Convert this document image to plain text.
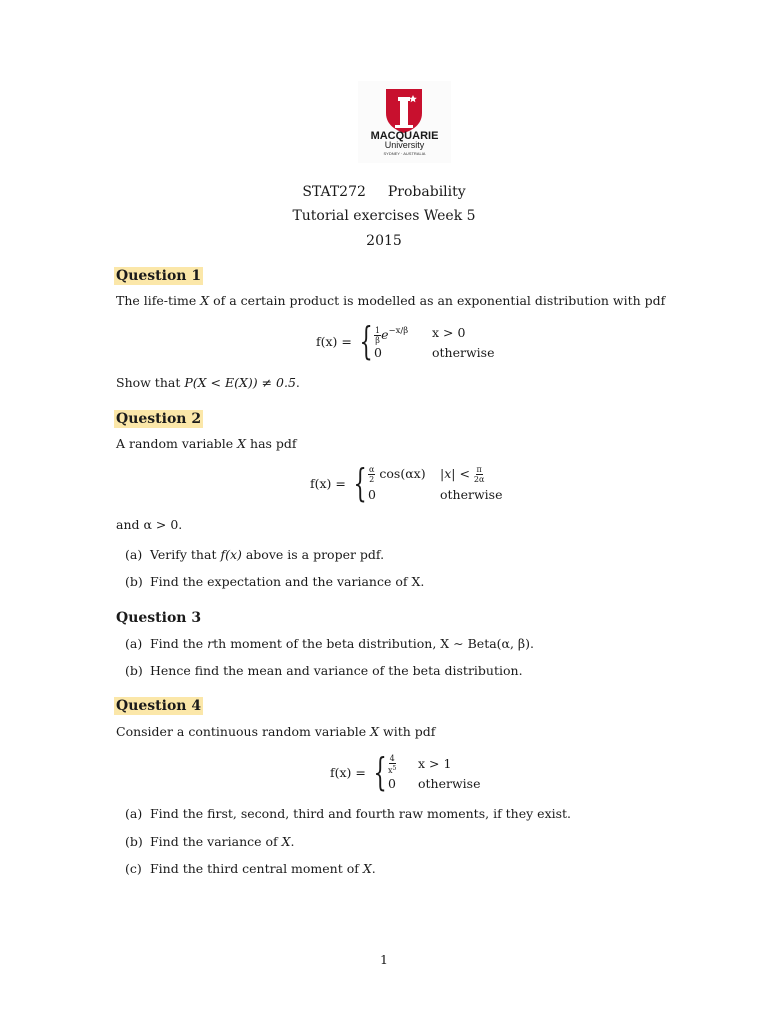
MACQUARIE
University
SYDNEY · AUSTRALIA
STAT272 Probability
Tutorial exercises Week 5
2015
Question 1
The life-time X of a certain product is modelled as an exponential distribution with pdf
f(x) = { $\frac{1}{\beta} e^{-x/\beta}$ x > 0
0	otherwise
Show that P(X < E(X)) ≠ 0.5.
Question 2
A random variable X has pdf
f(x) = { $\frac{\alpha}{2} \cos(\alpha x) |x| < \frac{\pi}{2\alpha}$
0	otherwise
and α > 0.
(a) Verify that f(x) above is a proper pdf.
(b) Find the expectation and the variance of X.
Question 3
(a) Find the rth moment of the beta distribution, X ∼ Beta(α, β).
(b) Hence find the mean and variance of the beta distribution.
Question 4
Consider a continuous random variable X with pdf
f(x) = { $\frac{4}{x^5}$ x > 1
0 otherwise
(a) Find the first, second, third and fourth raw moments, if they exist.
(b) Find the variance of X.
(c) Find the third central moment of X.
1
